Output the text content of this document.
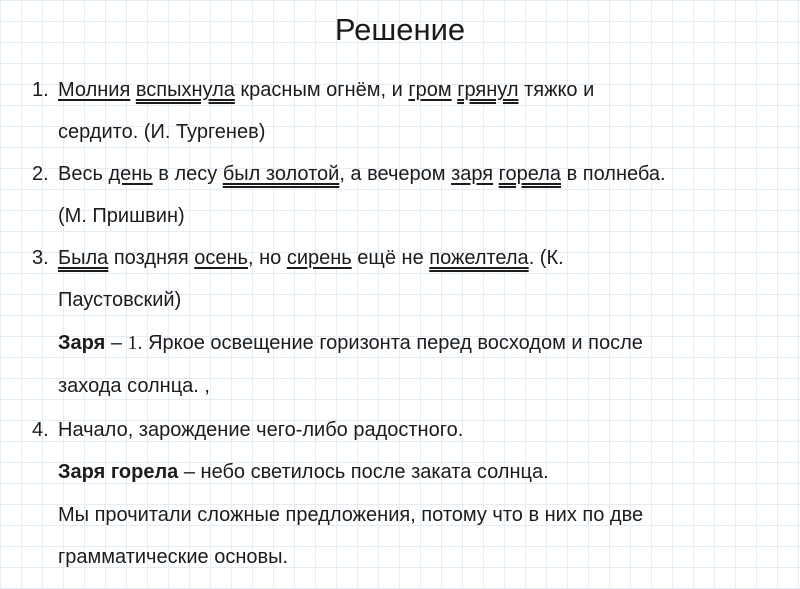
Решение
1. Молния вспыхнула красным огнём, и гром грянул тяжко и
сердито. (И. Тургенев)
2. Весь день в лесу был золотой, а вечером заря горела в полнеба.
(М. Пришвин)
3. Была поздняя осень, но сирень ещё не пожелтела. (К.
Паустовский)
Заря – 1. Яркое освещение горизонта перед восходом и после
захода солнца. ,
4. Начало, зарождение чего-либо радостного.
Заря горела – небо светилось после заката солнца.
Мы прочитали сложные предложения, потому что в них по две
грамматические основы.
